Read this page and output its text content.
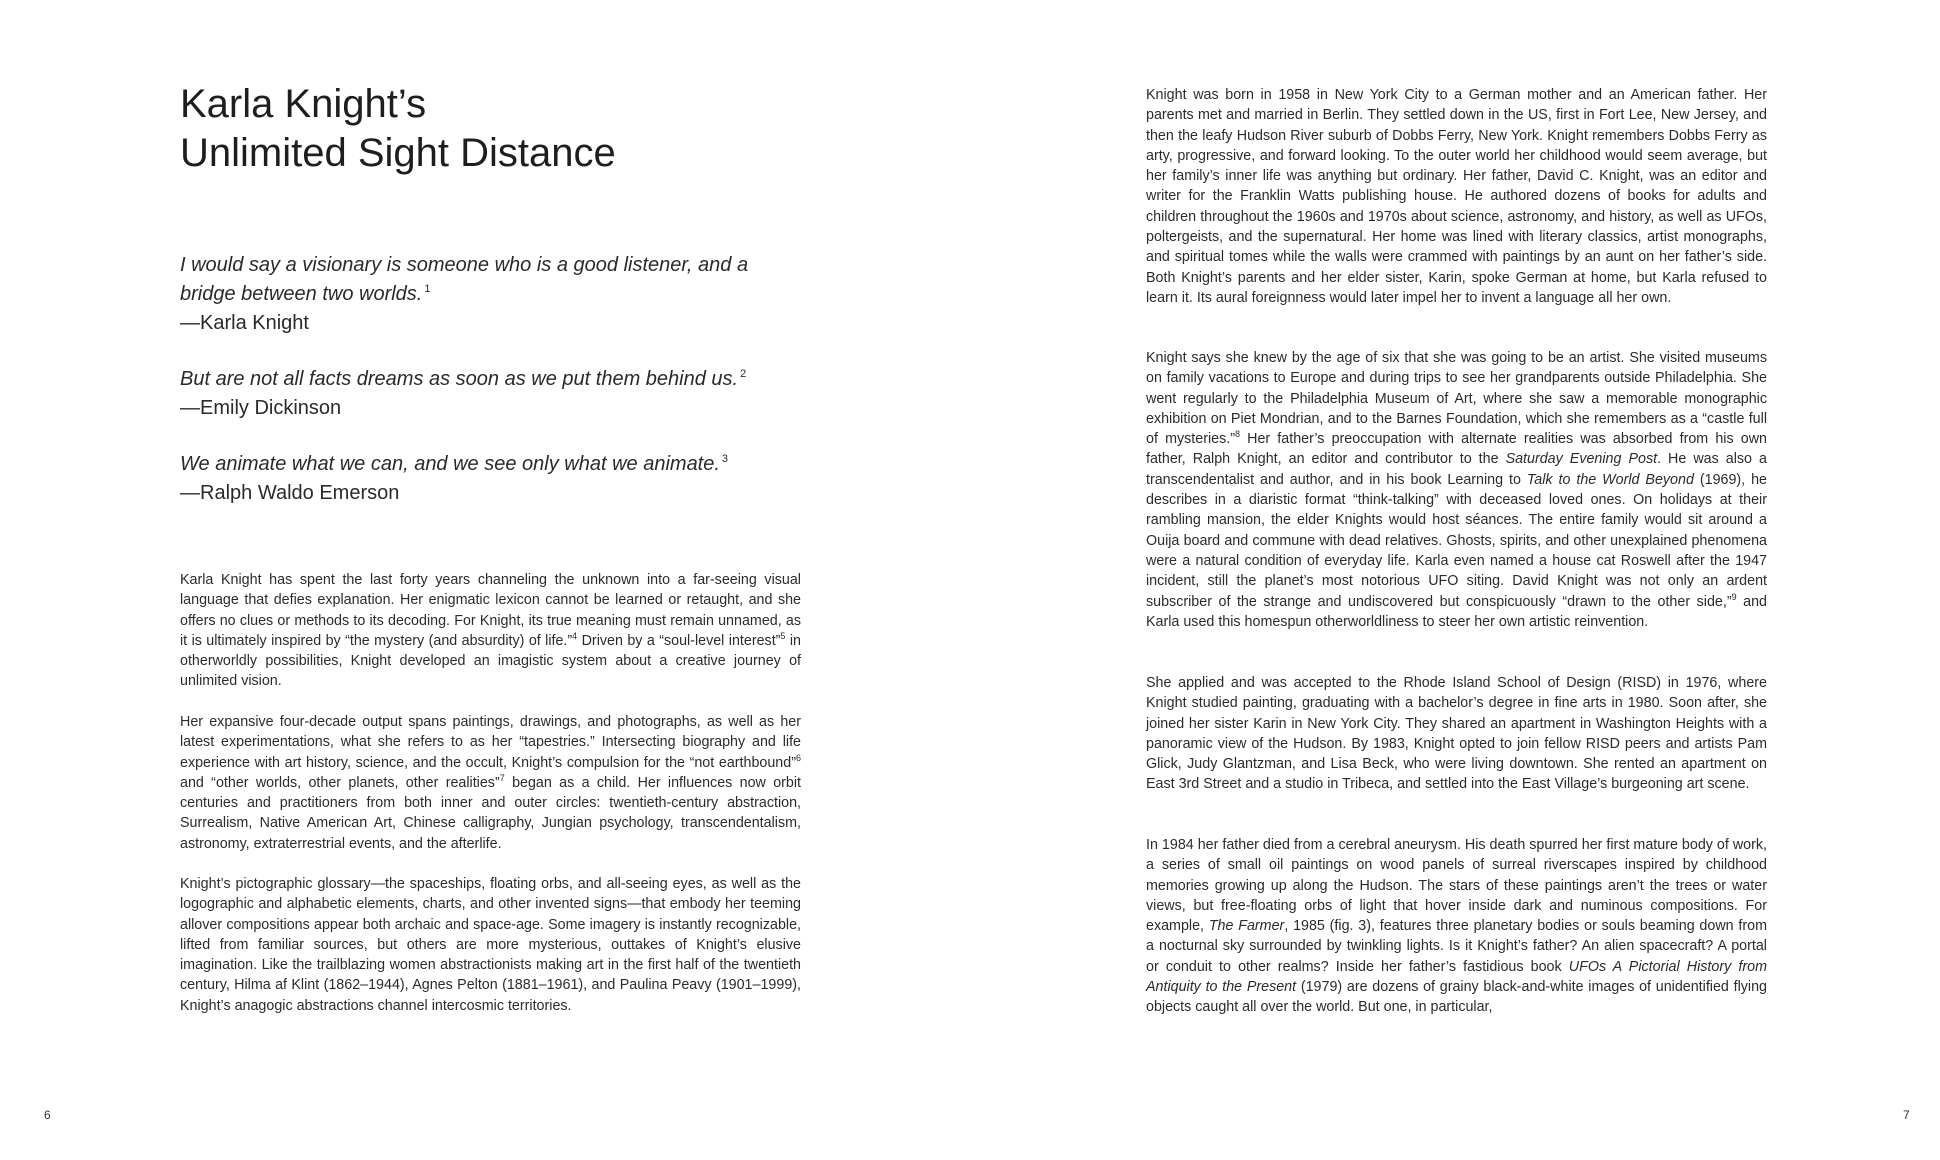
Karla Knight’s
Unlimited Sight Distance
I would say a visionary is someone who is a good listener, and a
bridge between two worlds. $^1$
—Karla Knight
But are not all facts dreams as soon as we put them behind us. $^2$
—Emily Dickinson
We animate what we can, and we see only what we animate. $^3$
—Ralph Waldo Emerson

Karla Knight has spent the last forty years channeling the unknown into a far-seeing visual language that defies explanation. Her enigmatic lexicon cannot be learned or retaught, and she offers no clues or methods to its decoding. For Knight, its true meaning must remain unnamed, as it is ultimately inspired by “the mystery (and absurdity) of life.”$^4$ Driven by a “soul-level interest”$^5$ in otherworldly possibilities, Knight developed an imagistic system about a creative journey of unlimited vision.

Her expansive four-decade output spans paintings, drawings, and photographs, as well as her latest experimentations, what she refers to as her “tapestries.” Intersecting biography and life experience with art history, science, and the occult, Knight’s compulsion for the “not earthbound”$^6$ and “other worlds, other planets, other realities”$^7$ began as a child. Her influences now orbit centuries and practitioners from both inner and outer circles: twentieth-century abstraction, Surrealism, Native American Art, Chinese calligraphy, Jungian psychology, transcendentalism, astronomy, extraterrestrial events, and the afterlife.

Knight’s pictographic glossary—the spaceships, floating orbs, and all-seeing eyes, as well as the logographic and alphabetic elements, charts, and other invented signs—that embody her teeming allover compositions appear both archaic and space-age. Some imagery is instantly recognizable, lifted from familiar sources, but others are more mysterious, outtakes of Knight’s elusive imagination. Like the trailblazing women abstractionists making art in the first half of the twentieth century, Hilma af Klint (1862–1944), Agnes Pelton (1881–1961), and Paulina Peavy (1901–1999), Knight’s anagogic abstractions channel intercosmic territories.

6

Knight was born in 1958 in New York City to a German mother and an American father. Her parents met and married in Berlin. They settled down in the US, first in Fort Lee, New Jersey, and then the leafy Hudson River suburb of Dobbs Ferry, New York. Knight remembers Dobbs Ferry as arty, progressive, and forward looking. To the outer world her childhood would seem average, but her family’s inner life was anything but ordinary. Her father, David C. Knight, was an editor and writer for the Franklin Watts publishing house. He authored dozens of books for adults and children throughout the 1960s and 1970s about science, astronomy, and history, as well as UFOs, poltergeists, and the supernatural. Her home was lined with literary classics, artist monographs, and spiritual tomes while the walls were crammed with paintings by an aunt on her father’s side. Both Knight’s parents and her elder sister, Karin, spoke German at home, but Karla refused to learn it. Its aural foreignness would later impel her to invent a language all her own.

Knight says she knew by the age of six that she was going to be an artist. She visited museums on family vacations to Europe and during trips to see her grandparents outside Philadelphia. She went regularly to the Philadelphia Museum of Art, where she saw a memorable monographic exhibition on Piet Mondrian, and to the Barnes Foundation, which she remembers as a “castle full of mysteries.”$^8$ Her father’s preoccupation with alternate realities was absorbed from his own father, Ralph Knight, an editor and contributor to the Saturday Evening Post. He was also a transcendentalist and author, and in his book Learning to Talk to the World Beyond (1969), he describes in a diaristic format “think-talking” with deceased loved ones. On holidays at their rambling mansion, the elder Knights would host séances. The entire family would sit around a Ouija board and commune with dead relatives. Ghosts, spirits, and other unexplained phenomena were a natural condition of everyday life. Karla even named a house cat Roswell after the 1947 incident, still the planet’s most notorious UFO siting. David Knight was not only an ardent subscriber of the strange and undiscovered but conspicuously “drawn to the other side,”$^9$ and Karla used this homespun otherworldliness to steer her own artistic reinvention.

She applied and was accepted to the Rhode Island School of Design (RISD) in 1976, where Knight studied painting, graduating with a bachelor’s degree in fine arts in 1980. Soon after, she joined her sister Karin in New York City. They shared an apartment in Washington Heights with a panoramic view of the Hudson. By 1983, Knight opted to join fellow RISD peers and artists Pam Glick, Judy Glantzman, and Lisa Beck, who were living downtown. She rented an apartment on East 3rd Street and a studio in Tribeca, and settled into the East Village’s burgeoning art scene.

In 1984 her father died from a cerebral aneurysm. His death spurred her first mature body of work, a series of small oil paintings on wood panels of surreal riverscapes inspired by childhood memories growing up along the Hudson. The stars of these paintings aren’t the trees or water views, but free-floating orbs of light that hover inside dark and numinous compositions. For example, The Farmer, 1985 (fig. 3), features three planetary bodies or souls beaming down from a nocturnal sky surrounded by twinkling lights. Is it Knight’s father? An alien spacecraft? A portal or conduit to other realms? Inside her father’s fastidious book UFOs A Pictorial History from Antiquity to the Present (1979) are dozens of grainy black-and-white images of unidentified flying objects caught all over the world. But one, in particular,

7
